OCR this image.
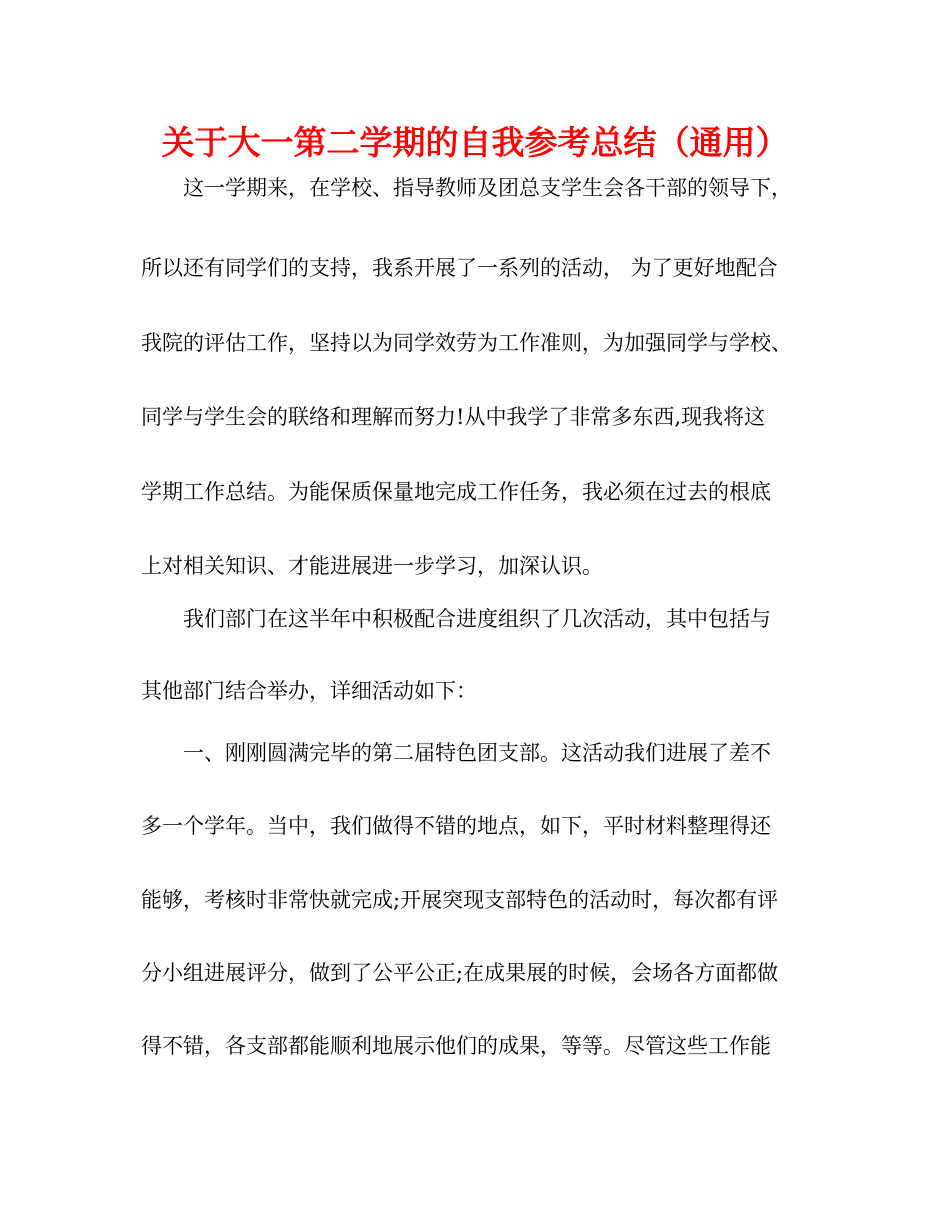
关于大一第二学期的自我参考总结（通用）

这一学期来，在学校、指导教师及团总支学生会各干部的领导下，

所以还有同学们的支持，我系开展了一系列的活动， 为了更好地配合

我院的评估工作，坚持以为同学效劳为工作准则，为加强同学与学校、

同学与学生会的联络和理解而努力!从中我学了非常多东西,现我将这

学期工作总结。为能保质保量地完成工作任务，我必须在过去的根底

上对相关知识、才能进展进一步学习，加深认识。

我们部门在这半年中积极配合进度组织了几次活动，其中包括与

其他部门结合举办，详细活动如下：

一、刚刚圆满完毕的第二届特色团支部。这活动我们进展了差不

多一个学年。当中，我们做得不错的地点，如下，平时材料整理得还

能够，考核时非常快就完成;开展突现支部特色的活动时，每次都有评

分小组进展评分，做到了公平公正;在成果展的时候，会场各方面都做

得不错，各支部都能顺利地展示他们的成果，等等。尽管这些工作能
